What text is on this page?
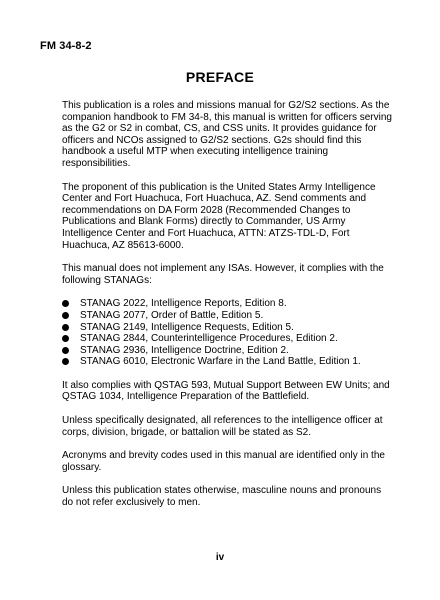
FM 34-8-2
PREFACE

This publication is a roles and missions manual for G2/S2 sections. As the companion handbook to FM 34-8, this manual is written for officers serving as the G2 or S2 in combat, CS, and CSS units. It provides guidance for officers and NCOs assigned to G2/S2 sections. G2s should find this handbook a useful MTP when executing intelligence training responsibilities.

The proponent of this publication is the United States Army Intelligence Center and Fort Huachuca, Fort Huachuca, AZ. Send comments and recommendations on DA Form 2028 (Recommended Changes to Publications and Blank Forms) directly to Commander, US Army Intelligence Center and Fort Huachuca, ATTN: ATZS-TDL-D, Fort Huachuca, AZ 85613-6000.

This manual does not implement any ISAs. However, it complies with the following STANAGs:

STANAG 2022, Intelligence Reports, Edition 8.
STANAG 2077, Order of Battle, Edition 5.
STANAG 2149, Intelligence Requests, Edition 5.
STANAG 2844, Counterintelligence Procedures, Edition 2.
STANAG 2936, Intelligence Doctrine, Edition 2.
STANAG 6010, Electronic Warfare in the Land Battle, Edition 1.

It also complies with QSTAG 593, Mutual Support Between EW Units; and QSTAG 1034, Intelligence Preparation of the Battlefield.

Unless specifically designated, all references to the intelligence officer at corps, division, brigade, or battalion will be stated as S2.

Acronyms and brevity codes used in this manual are identified only in the glossary.

Unless this publication states otherwise, masculine nouns and pronouns do not refer exclusively to men.

iv
